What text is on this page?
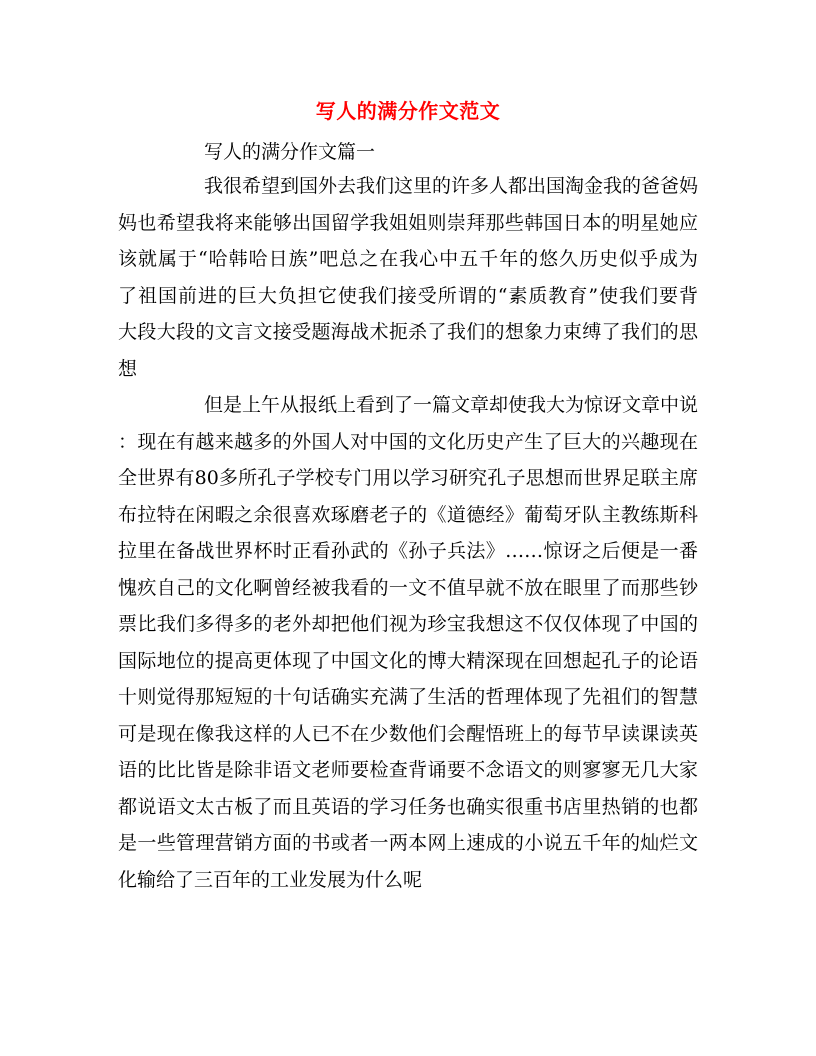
写人的满分作文范文
写人的满分作文篇一
我很希望到国外去我们这里的许多人都出国淘金我的爸爸妈
妈也希望我将来能够出国留学我姐姐则崇拜那些韩国日本的明星她应
该就属于“哈韩哈日族”吧总之在我心中五千年的悠久历史似乎成为
了祖国前进的巨大负担它使我们接受所谓的“素质教育”使我们要背
大段大段的文言文接受题海战术扼杀了我们的想象力束缚了我们的思
想
但是上午从报纸上看到了一篇文章却使我大为惊讶文章中说
：现在有越来越多的外国人对中国的文化历史产生了巨大的兴趣现在
全世界有80多所孔子学校专门用以学习研究孔子思想而世界足联主席
布拉特在闲暇之余很喜欢琢磨老子的《道德经》葡萄牙队主教练斯科
拉里在备战世界杯时正看孙武的《孙子兵法》……惊讶之后便是一番
愧疚自己的文化啊曾经被我看的一文不值早就不放在眼里了而那些钞
票比我们多得多的老外却把他们视为珍宝我想这不仅仅体现了中国的
国际地位的提高更体现了中国文化的博大精深现在回想起孔子的论语
十则觉得那短短的十句话确实充满了生活的哲理体现了先祖们的智慧
可是现在像我这样的人已不在少数他们会醒悟班上的每节早读课读英
语的比比皆是除非语文老师要检查背诵要不念语文的则寥寥无几大家
都说语文太古板了而且英语的学习任务也确实很重书店里热销的也都
是一些管理营销方面的书或者一两本网上速成的小说五千年的灿烂文
化输给了三百年的工业发展为什么呢
